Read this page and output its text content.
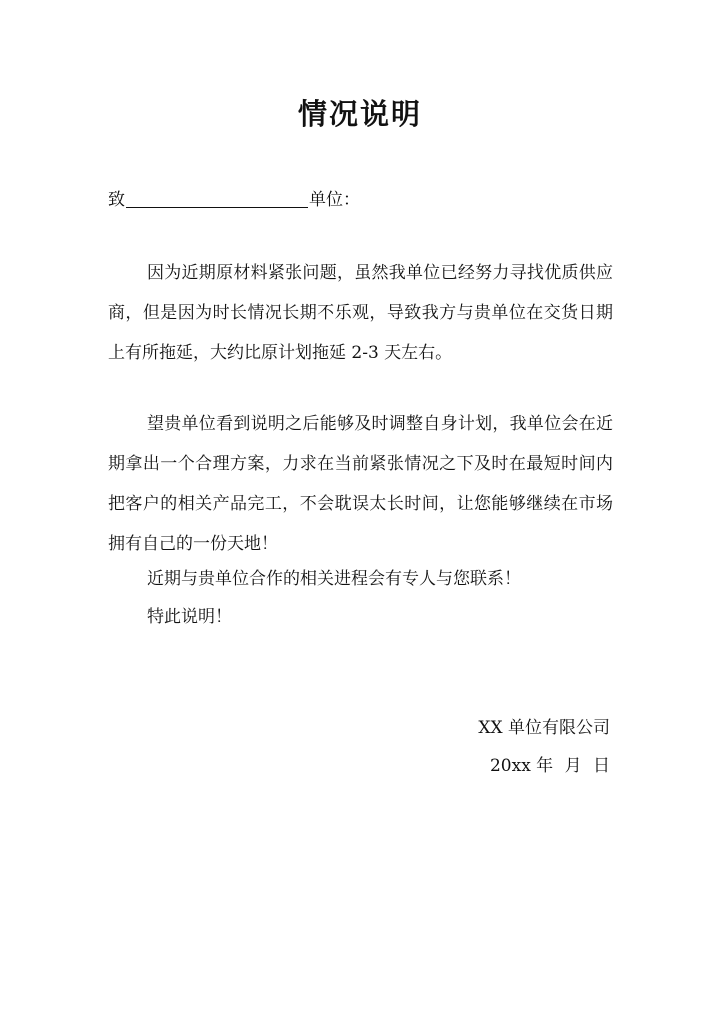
情况说明
致	单位：

因为近期原材料紧张问题，虽然我单位已经努力寻找优质供应商，但是因为时长情况长期不乐观，导致我方与贵单位在交货日期上有所拖延，大约比原计划拖延 2-3 天左右。

望贵单位看到说明之后能够及时调整自身计划，我单位会在近期拿出一个合理方案，力求在当前紧张情况之下及时在最短时间内把客户的相关产品完工，不会耽误太长时间，让您能够继续在市场拥有自己的一份天地！

近期与贵单位合作的相关进程会有专人与您联系！

特此说明！

XX 单位有限公司
20xx 年 月 日
